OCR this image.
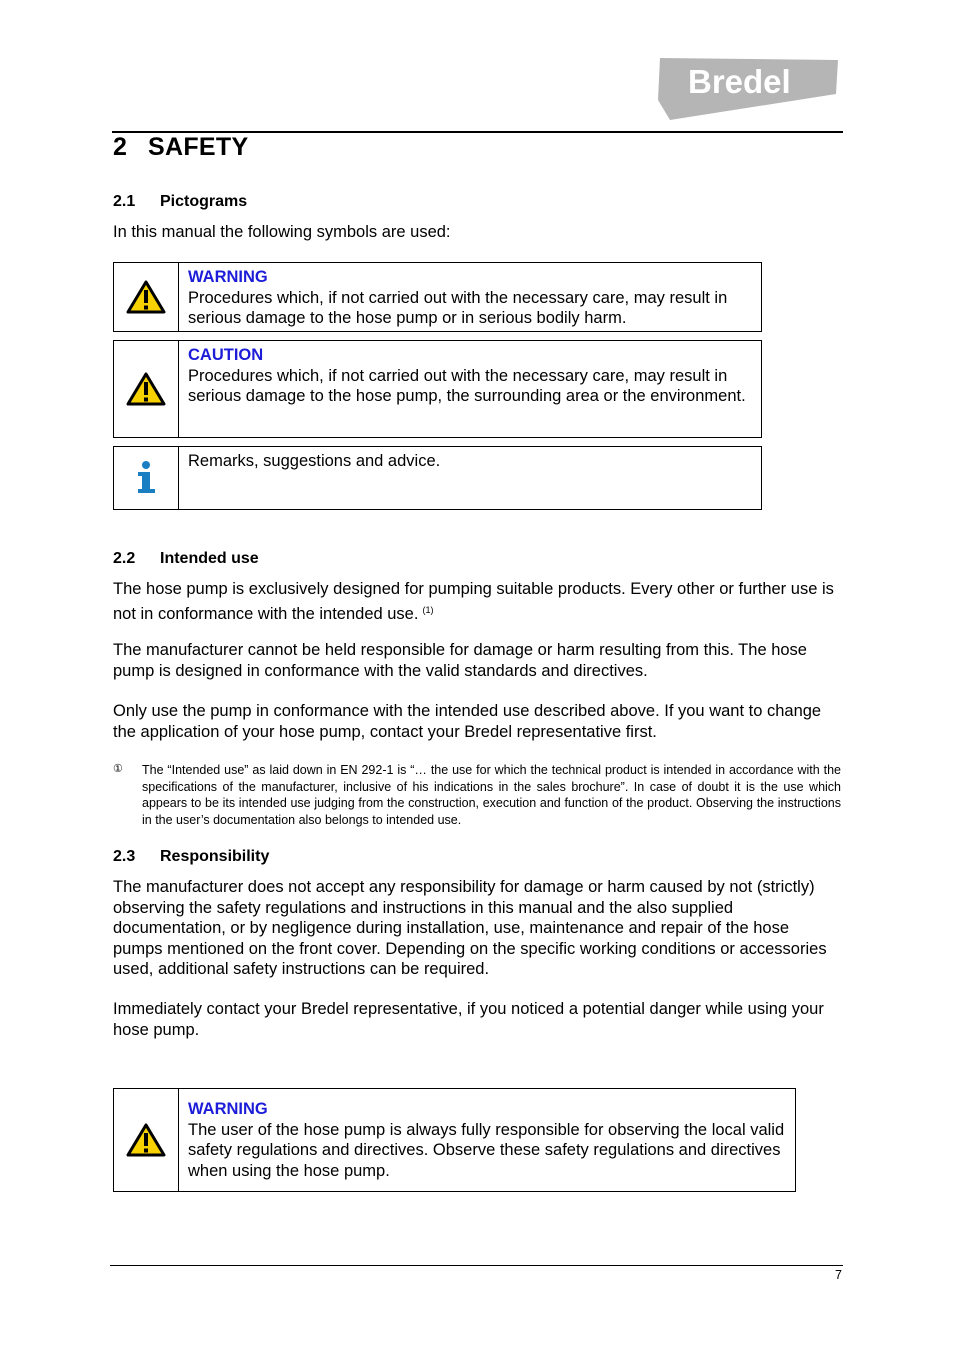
Bredel
2 SAFETY
2.1 Pictograms
In this manual the following symbols are used:
WARNING
Procedures which, if not carried out with the necessary care, may result in serious damage to the hose pump or in serious bodily harm.
CAUTION
Procedures which, if not carried out with the necessary care, may result in serious damage to the hose pump, the surrounding area or the environment.
Remarks, suggestions and advice.
2.2 Intended use
The hose pump is exclusively designed for pumping suitable products. Every other or further use is not in conformance with the intended use. $^{(1)}$
The manufacturer cannot be held responsible for damage or harm resulting from this. The hose pump is designed in conformance with the valid standards and directives.
Only use the pump in conformance with the intended use described above. If you want to change the application of your hose pump, contact your Bredel representative first.
① The “Intended use” as laid down in EN 292-1 is “… the use for which the technical product is intended in accordance with the specifications of the manufacturer, inclusive of his indications in the sales brochure”. In case of doubt it is the use which appears to be its intended use judging from the construction, execution and function of the product. Observing the instructions in the user’s documentation also belongs to intended use.
2.3 Responsibility
The manufacturer does not accept any responsibility for damage or harm caused by not (strictly) observing the safety regulations and instructions in this manual and the also supplied documentation, or by negligence during installation, use, maintenance and repair of the hose pumps mentioned on the front cover. Depending on the specific working conditions or accessories used, additional safety instructions can be required.
Immediately contact your Bredel representative, if you noticed a potential danger while using your hose pump.
WARNING
The user of the hose pump is always fully responsible for observing the local valid safety regulations and directives. Observe these safety regulations and directives when using the hose pump.
7
